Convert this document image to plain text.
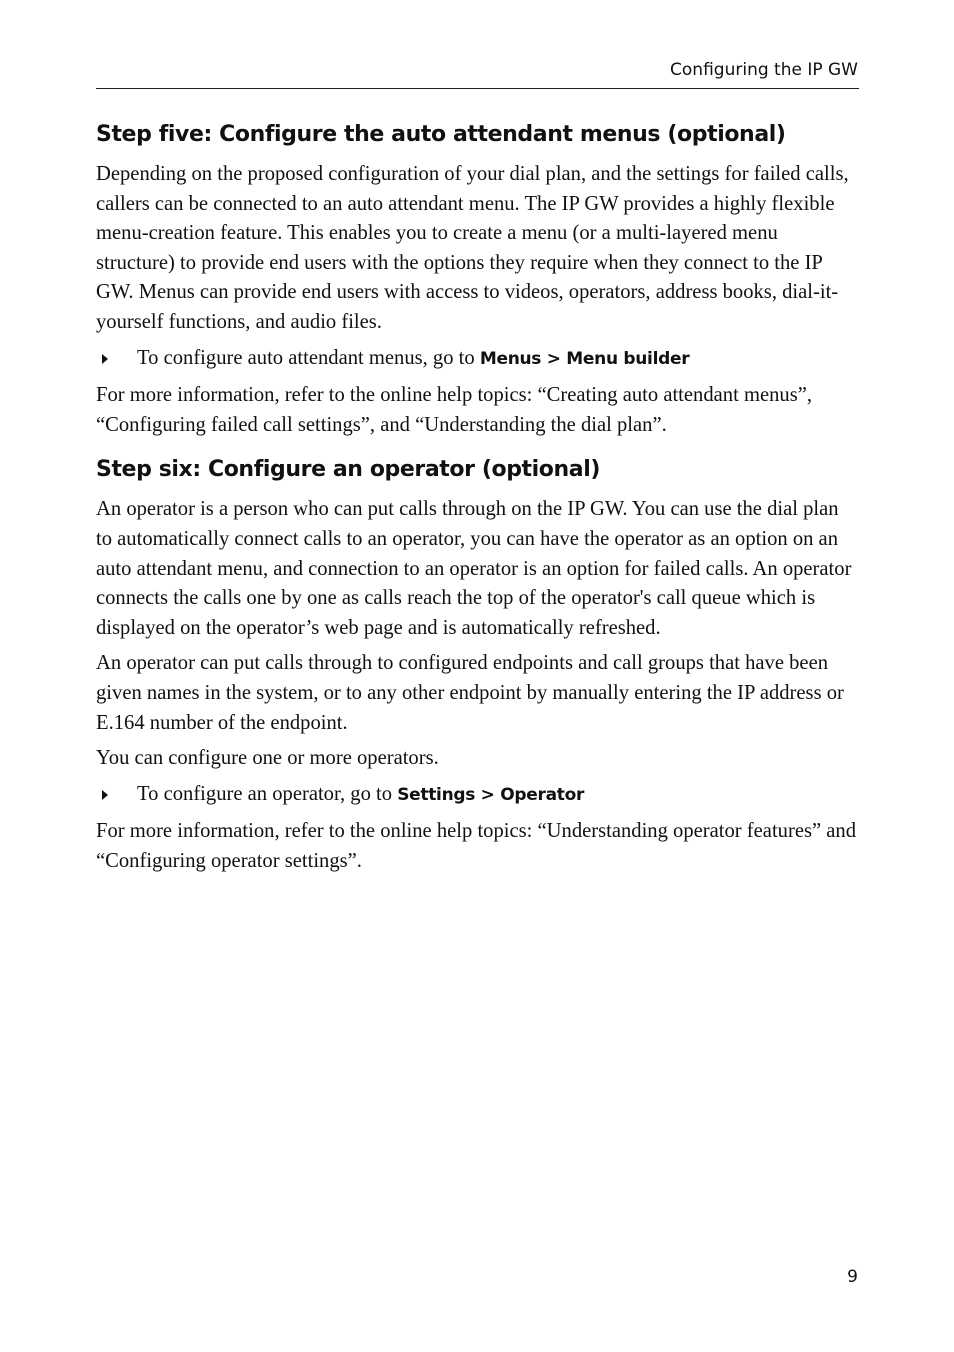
Configuring the IP GW
Step five: Configure the auto attendant menus (optional)

Depending on the proposed configuration of your dial plan, and the settings for failed calls, callers can be connected to an auto attendant menu. The IP GW provides a highly flexible menu-creation feature. This enables you to create a menu (or a multi-layered menu structure) to provide end users with the options they require when they connect to the IP GW. Menus can provide end users with access to videos, operators, address books, dial-it-yourself functions, and audio files.

To configure auto attendant menus, go to Menus > Menu builder

For more information, refer to the online help topics: “Creating auto attendant menus”, “Configuring failed call settings”, and “Understanding the dial plan”.

Step six: Configure an operator (optional)

An operator is a person who can put calls through on the IP GW. You can use the dial plan to automatically connect calls to an operator, you can have the operator as an option on an auto attendant menu, and connection to an operator is an option for failed calls. An operator connects the calls one by one as calls reach the top of the operator's call queue which is displayed on the operator’s web page and is automatically refreshed.

An operator can put calls through to configured endpoints and call groups that have been given names in the system, or to any other endpoint by manually entering the IP address or E.164 number of the endpoint.

You can configure one or more operators.

To configure an operator, go to Settings > Operator

For more information, refer to the online help topics: “Understanding operator features” and “Configuring operator settings”.

9
